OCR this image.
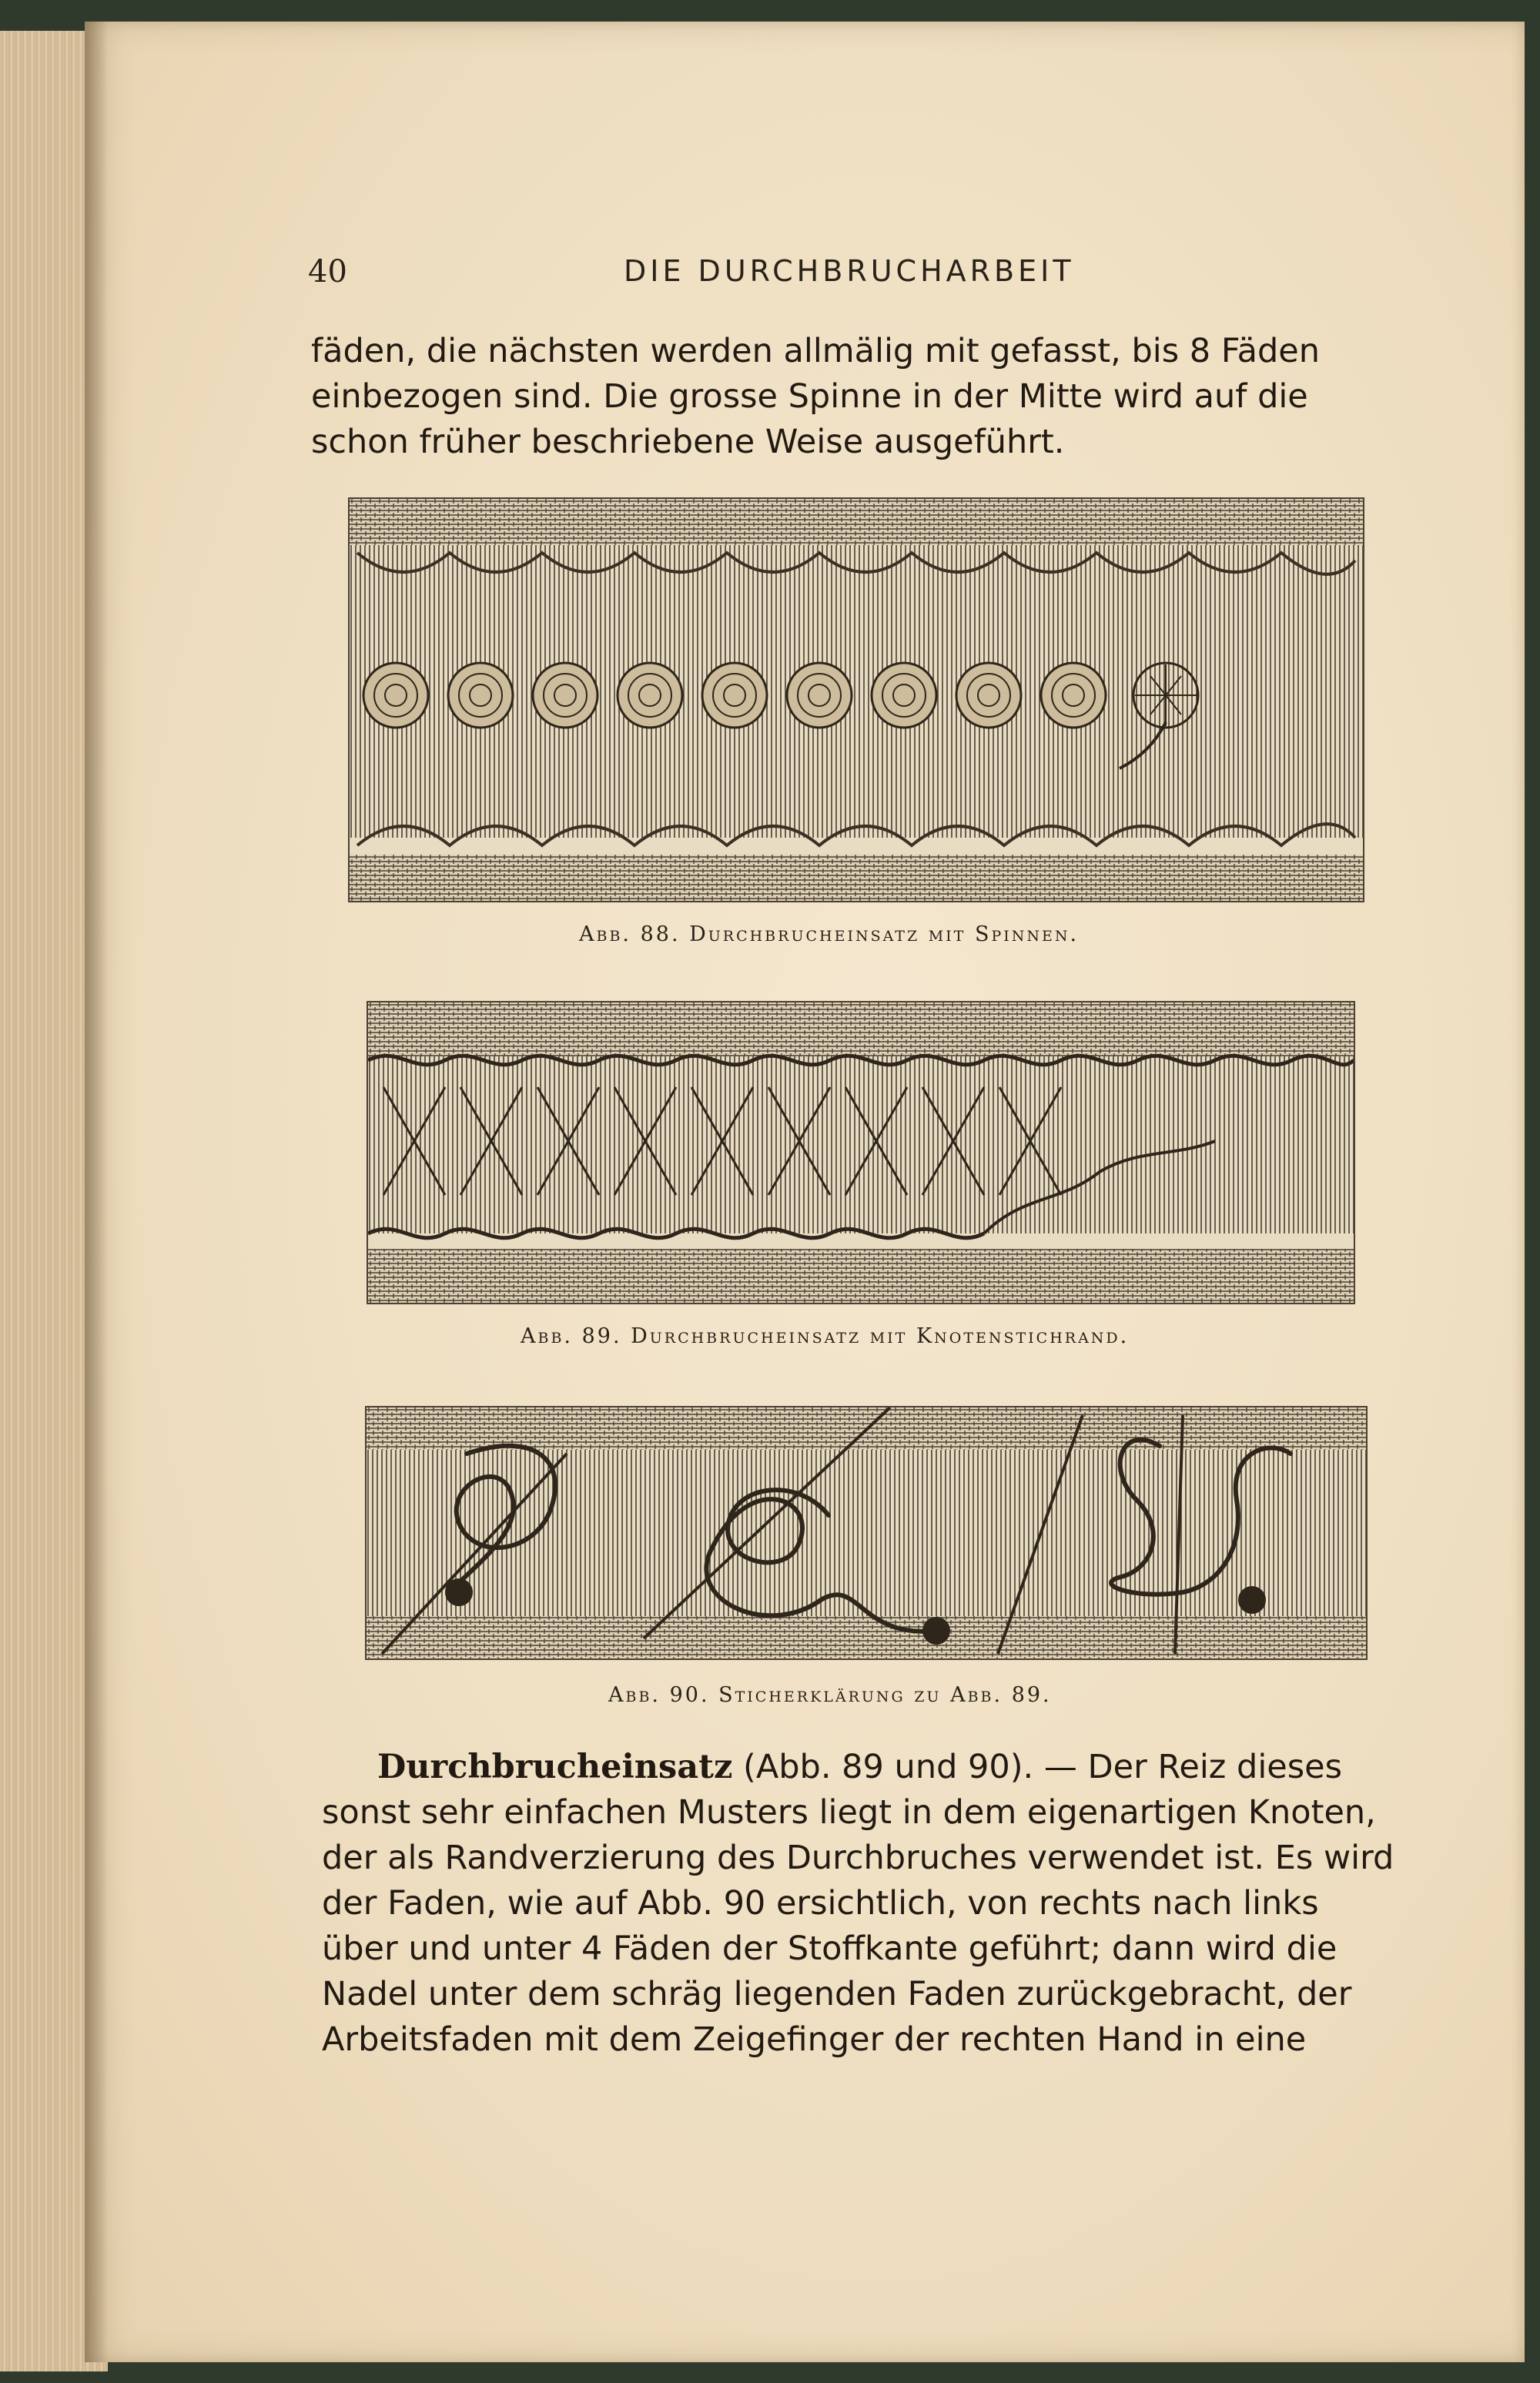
40	DIE DURCHBRUCHARBEIT
fäden, die nächsten werden allmälig mit gefasst, bis 8 Fäden
einbezogen sind. Die grosse Spinne in der Mitte wird auf die
schon früher beschriebene Weise ausgeführt.
Abb. 88. Durchbrucheinsatz mit Spinnen.
Abb. 89. Durchbrucheinsatz mit Knotenstichrand.
Abb. 90. Sticherklärung zu Abb. 89.
Durchbrucheinsatz (Abb. 89 und 90). — Der Reiz dieses
sonst sehr einfachen Musters liegt in dem eigenartigen Knoten,
der als Randverzierung des Durchbruches verwendet ist. Es wird
der Faden, wie auf Abb. 90 ersichtlich, von rechts nach links
über und unter 4 Fäden der Stoffkante geführt; dann wird die
Nadel unter dem schräg liegenden Faden zurückgebracht, der
Arbeitsfaden mit dem Zeigefinger der rechten Hand in eine
